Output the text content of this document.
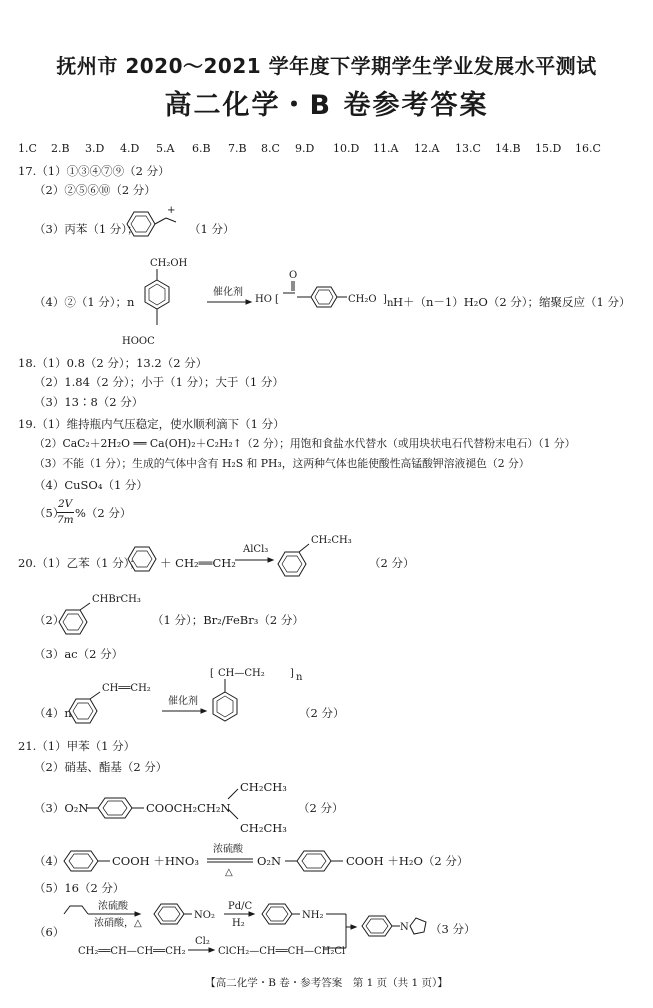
抚州市 2020～2021 学年度下学期学生学业发展水平测试
高二化学・B 卷参考答案
1.C 2.B 3.D 4.D 5.A 6.B 7.B 8.C 9.D 10.D 11.A 12.A 13.C 14.B 15.D 16.C
17.（1）①③④⑦⑨（2 分）
（2）②⑤⑥⑩（2 分）
（3）丙苯（1 分）；
+
（1 分）
（4）②（1 分）；n
CH₂OH
HOOC
催化剂
HO [
O
CH₂O ] n H＋（n－1）H₂O（2 分）；缩聚反应（1 分）
18.（1）0.8（2 分）；13.2（2 分）
（2）1.84（2 分）；小于（1 分）；大于（1 分）
（3）13∶8（2 分）
19.（1）维持瓶内气压稳定，使水顺利滴下（1 分）
（2）CaC₂＋2H₂O ══ Ca(OH)₂＋C₂H₂↑（2 分）；用饱和食盐水代替水（或用块状电石代替粉末电石）（1 分）
（3）不能（1 分）；生成的气体中含有 H₂S 和 PH₃，这两种气体也能使酸性高锰酸钾溶液褪色（2 分）
（4）CuSO₄（1 分）
（5）
2V
7m %（2 分）
20.（1）乙苯（1 分）； ＋ CH₂══CH₂
AlCl₃
CH₂CH₃
（2 分）
（2）
CHBrCH₃
（1 分）；Br₂/FeBr₃（2 分）
（3）ac（2 分）
（4）n
CH══CH₂
催化剂
[ CH—CH₂	] n
（2 分）
21.（1）甲苯（1 分）
（2）硝基、酯基（2 分）
（3）O₂N	COOCH₂CH₂N
CH₂CH₃
CH₂CH₃
（2 分）
（4）	COOH ＋HNO₃
浓硫酸
△
O₂N	COOH ＋H₂O（2 分）
（5）16（2 分）
（6）
浓硫酸
浓硝酸，△
NO₂
Pd/C
H₂
NH₂
N
CH₂══CH—CH══CH₂
Cl₂
ClCH₂—CH══CH—CH₂Cl
（3 分）
【高二化学・B 卷・参考答案　第 1 页（共 1 页）】
